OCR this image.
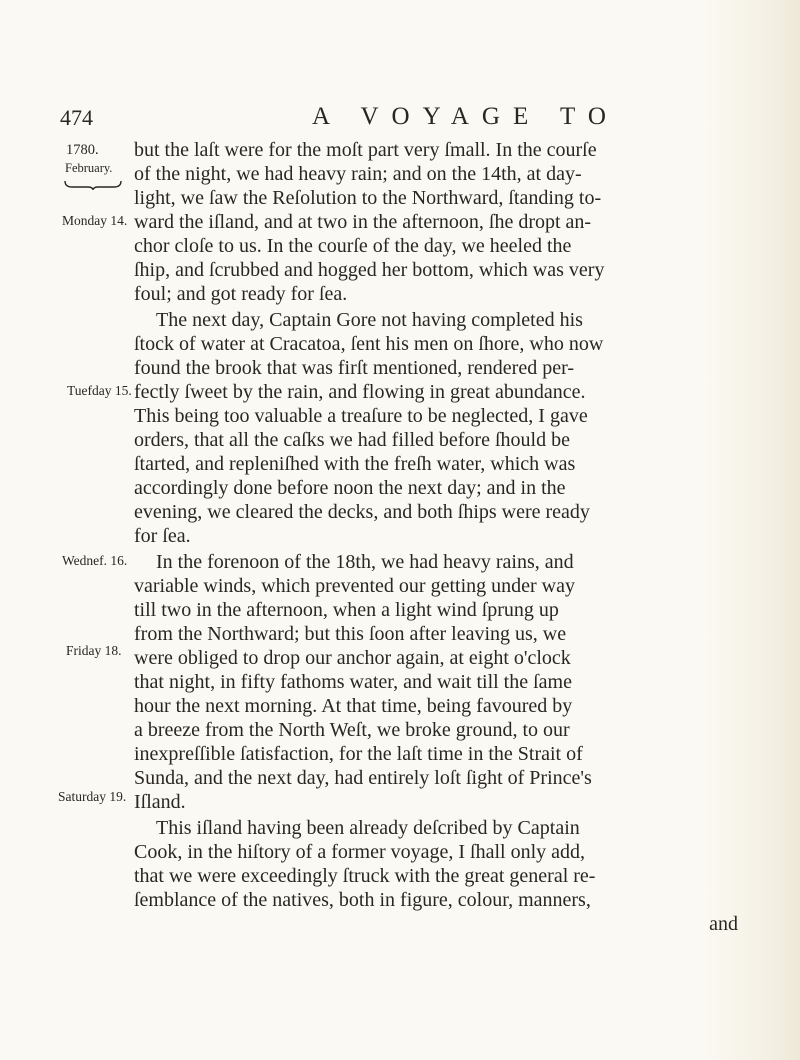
474	A VOYAGE TO
1780.
February.
Monday 14.
Tuefday 15.
Wednef. 16.
Friday 18.
Saturday 19.
but the laſt were for the moſt part very ſmall. In the courſe
of the night, we had heavy rain; and on the 14th, at day-
light, we ſaw the Reſolution to the Northward, ſtanding to-
ward the iſland, and at two in the afternoon, ſhe dropt an-
chor cloſe to us. In the courſe of the day, we heeled the
ſhip, and ſcrubbed and hogged her bottom, which was very
foul; and got ready for ſea.
The next day, Captain Gore not having completed his
ſtock of water at Cracatoa, ſent his men on ſhore, who now
found the brook that was firſt mentioned, rendered per-
fectly ſweet by the rain, and flowing in great abundance.
This being too valuable a treaſure to be neglected, I gave
orders, that all the caſks we had filled before ſhould be
ſtarted, and repleniſhed with the freſh water, which was
accordingly done before noon the next day; and in the
evening, we cleared the decks, and both ſhips were ready
for ſea.
In the forenoon of the 18th, we had heavy rains, and
variable winds, which prevented our getting under way
till two in the afternoon, when a light wind ſprung up
from the Northward; but this ſoon after leaving us, we
were obliged to drop our anchor again, at eight o'clock
that night, in fifty fathoms water, and wait till the ſame
hour the next morning. At that time, being favoured by
a breeze from the North Weſt, we broke ground, to our
inexpreſſible ſatisfaction, for the laſt time in the Strait of
Sunda, and the next day, had entirely loſt ſight of Prince's
Iſland.
This iſland having been already deſcribed by Captain
Cook, in the hiſtory of a former voyage, I ſhall only add,
that we were exceedingly ſtruck with the great general re-
ſemblance of the natives, both in figure, colour, manners,
and
